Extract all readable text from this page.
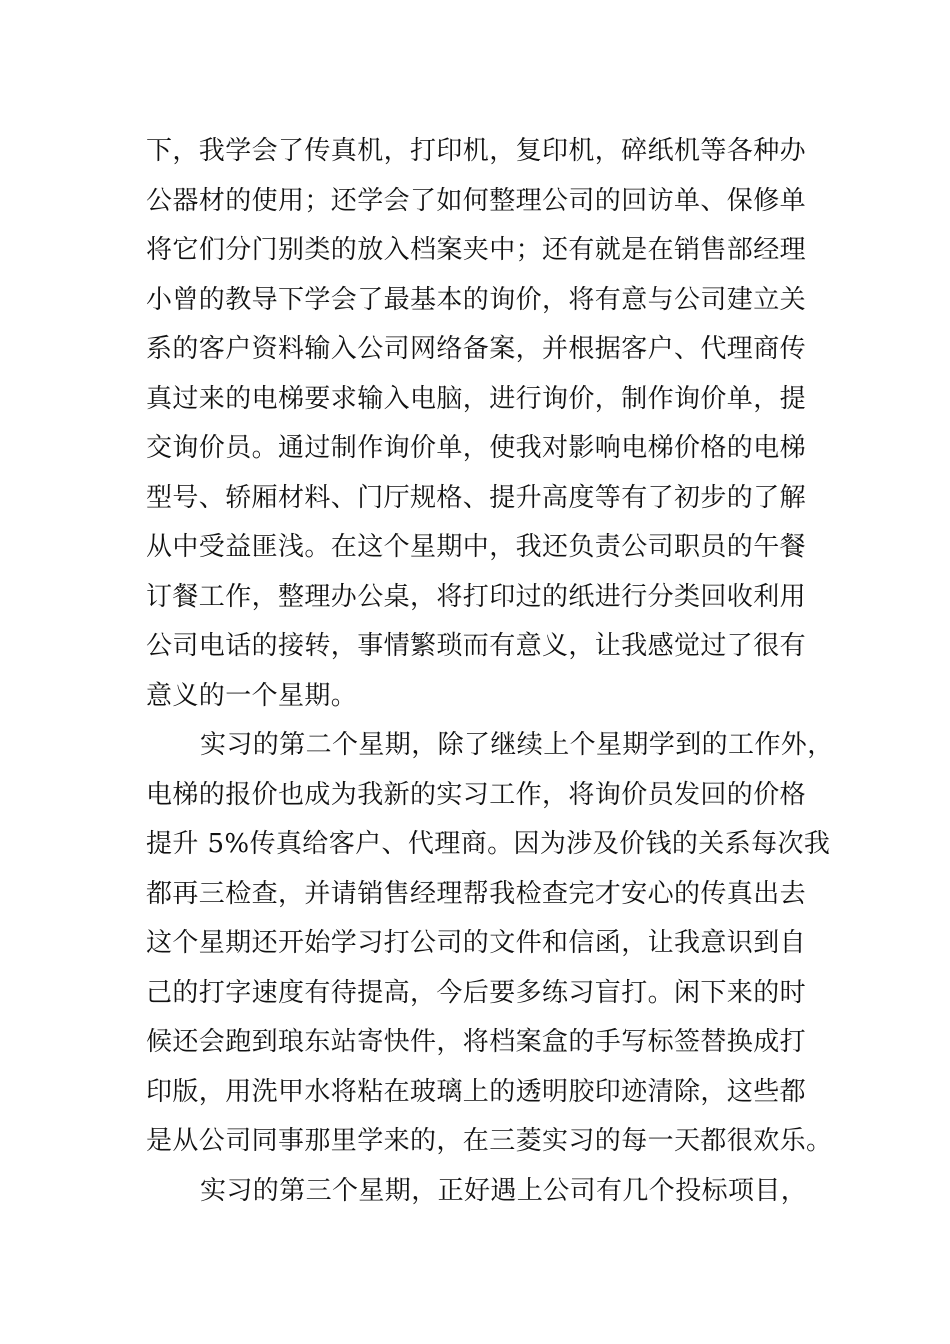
下，我学会了传真机，打印机，复印机，碎纸机等各种办
公器材的使用；还学会了如何整理公司的回访单、保修单
将它们分门别类的放入档案夹中；还有就是在销售部经理
小曾的教导下学会了最基本的询价，将有意与公司建立关
系的客户资料输入公司网络备案，并根据客户、代理商传
真过来的电梯要求输入电脑，进行询价，制作询价单，提
交询价员。通过制作询价单，使我对影响电梯价格的电梯
型号、轿厢材料、门厅规格、提升高度等有了初步的了解
从中受益匪浅。在这个星期中，我还负责公司职员的午餐
订餐工作，整理办公桌，将打印过的纸进行分类回收利用
公司电话的接转，事情繁琐而有意义，让我感觉过了很有
意义的一个星期。
实习的第二个星期，除了继续上个星期学到的工作外，
电梯的报价也成为我新的实习工作，将询价员发回的价格
提升 5%传真给客户、代理商。因为涉及价钱的关系每次我
都再三检查，并请销售经理帮我检查完才安心的传真出去
这个星期还开始学习打公司的文件和信函，让我意识到自
己的打字速度有待提高，今后要多练习盲打。闲下来的时
候还会跑到琅东站寄快件，将档案盒的手写标签替换成打
印版，用洗甲水将粘在玻璃上的透明胶印迹清除，这些都
是从公司同事那里学来的，在三菱实习的每一天都很欢乐。
实习的第三个星期，正好遇上公司有几个投标项目，
